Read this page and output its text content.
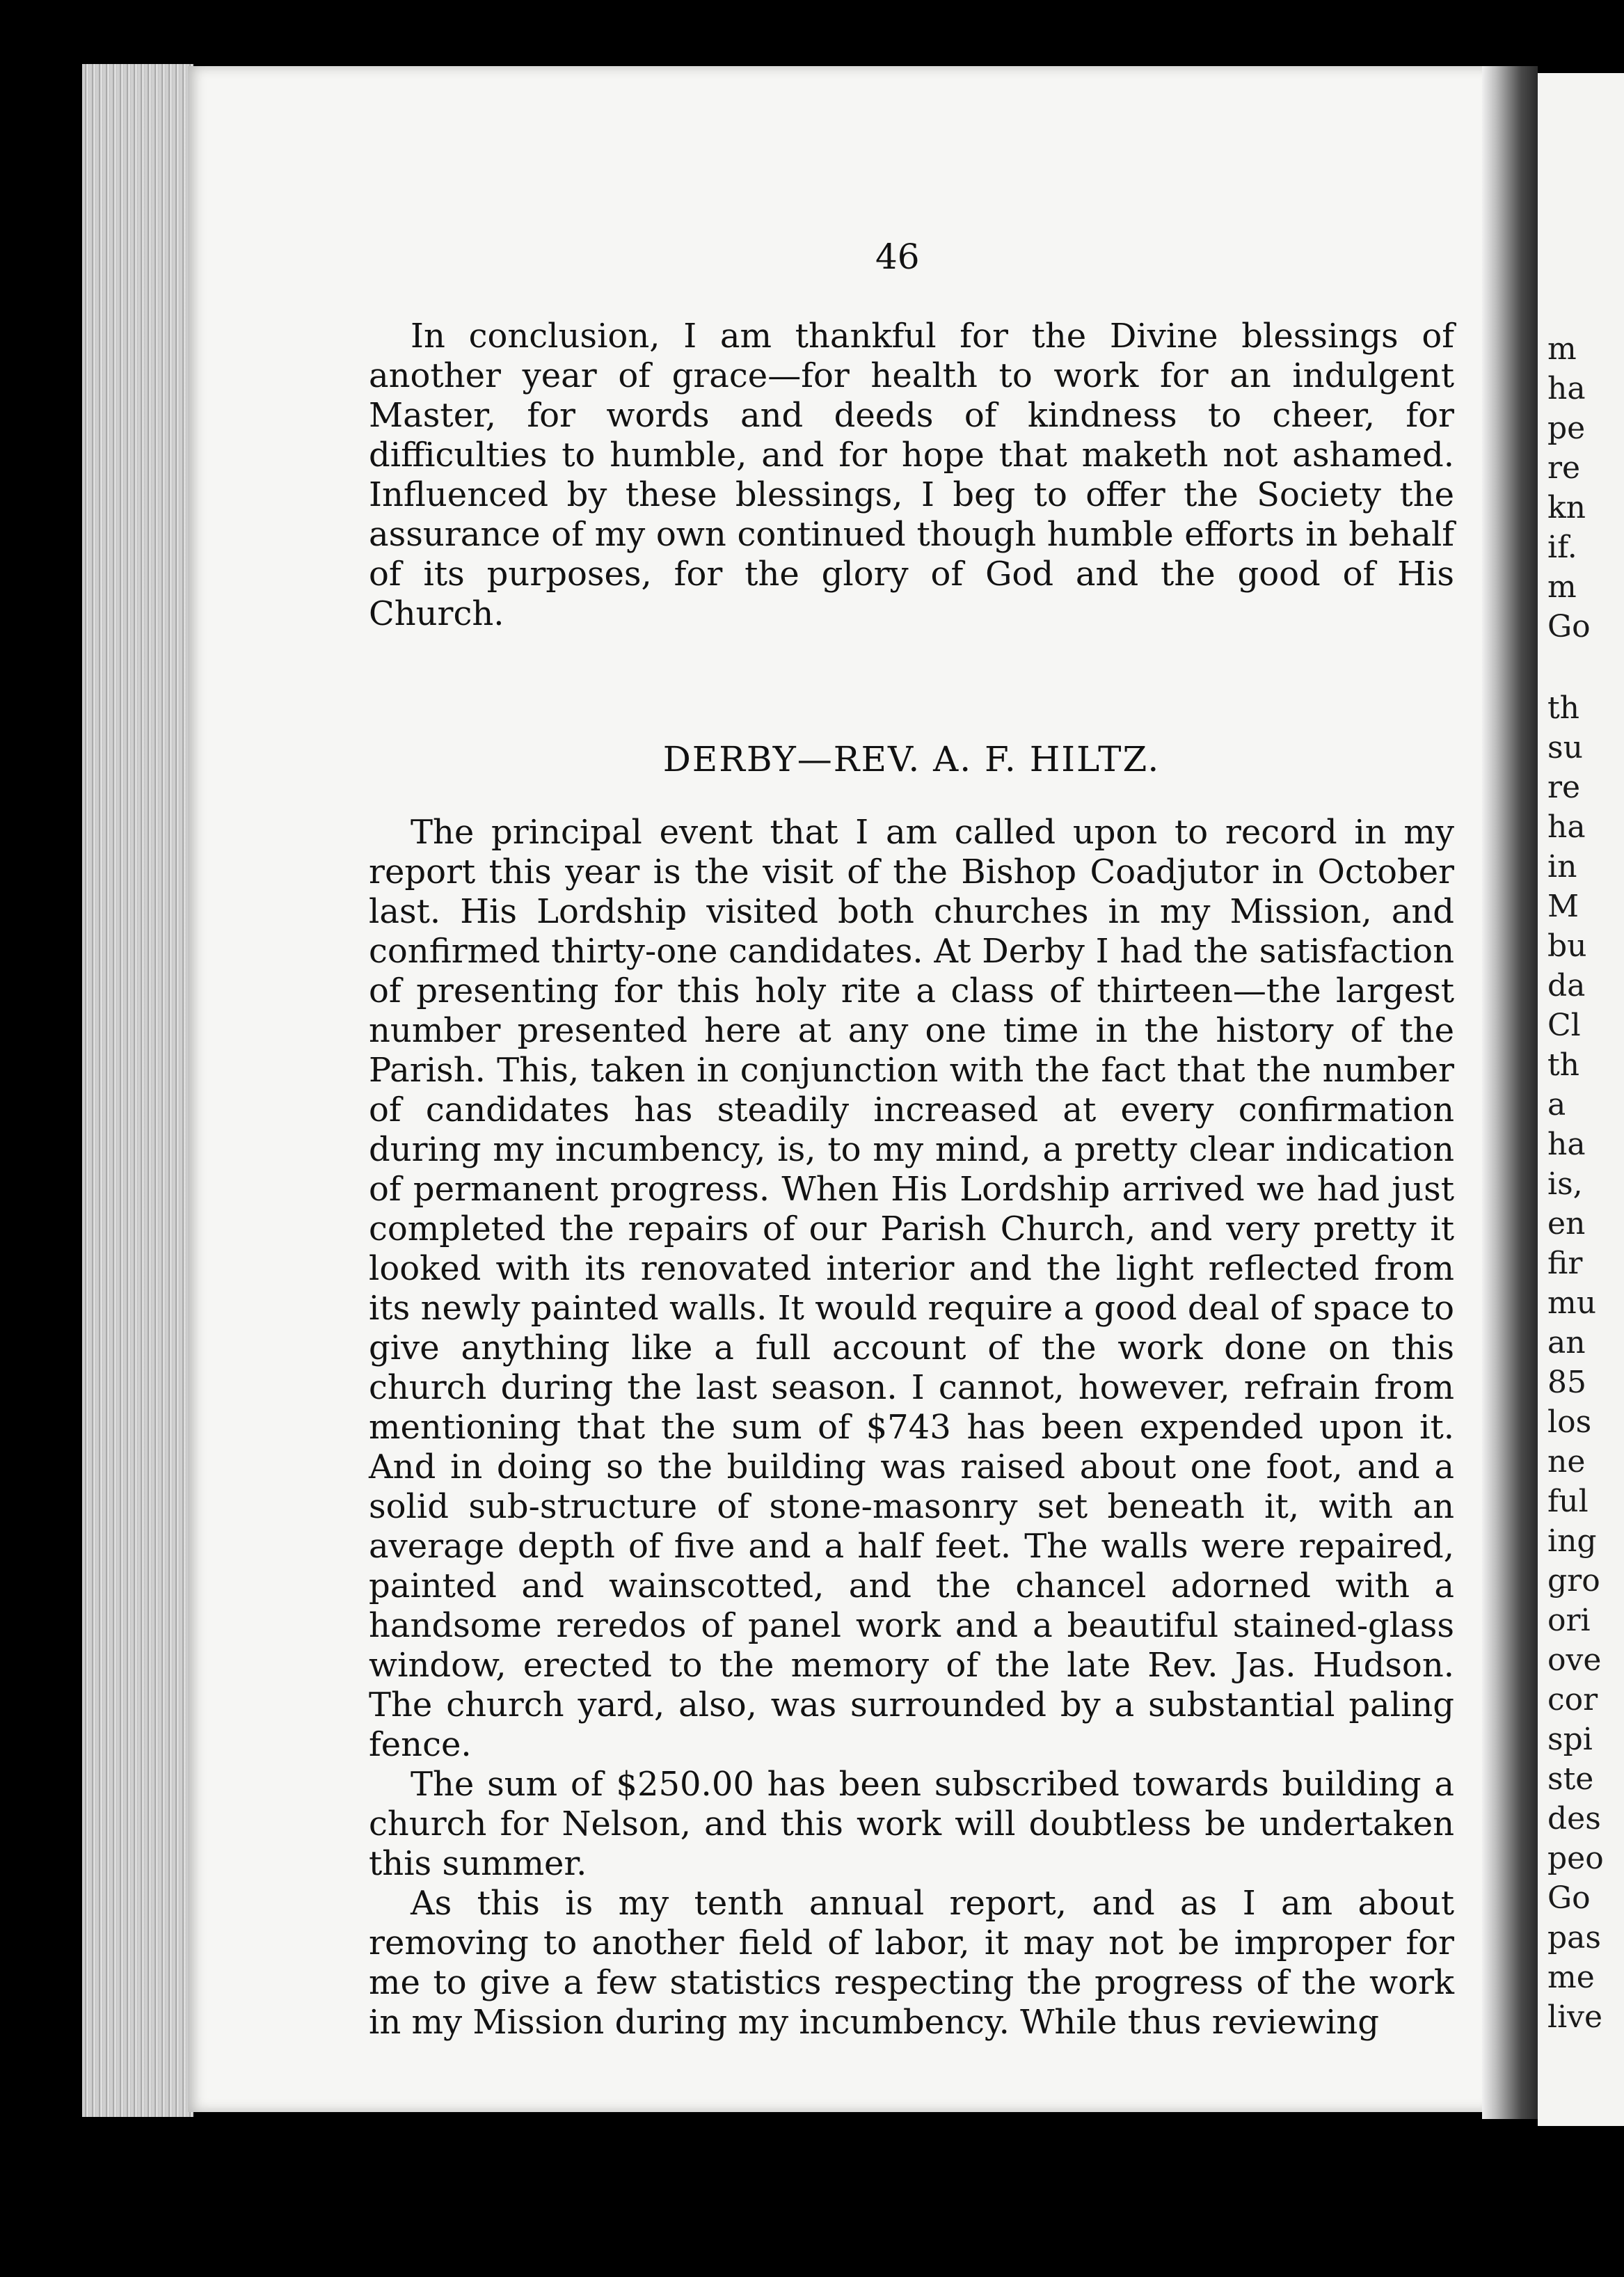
m
ha
pe
re
kn
if.
m
Go
th
su
re
ha
in
M
bu
da
Cl
th
a
ha
is,
en
fir
mu
an
85
los
ne
ful
ing
gro
ori
ove
cor
spi
ste
des
peo
Go
pas
me
live
46

In conclusion, I am thankful for the Divine blessings of another year of grace—for health to work for an indulgent Master, for words and deeds of kindness to cheer, for difficulties to humble, and for hope that maketh not ashamed. Influenced by these blessings, I beg to offer the Society the assurance of my own continued though humble efforts in behalf of its purposes, for the glory of God and the good of His Church.

DERBY—REV. A. F. HILTZ.

The principal event that I am called upon to record in my report this year is the visit of the Bishop Coadjutor in October last. His Lordship visited both churches in my Mission, and confirmed thirty-one candidates. At Derby I had the satisfaction of presenting for this holy rite a class of thirteen—the largest number presented here at any one time in the history of the Parish. This, taken in conjunction with the fact that the number of candidates has steadily increased at every confirmation during my incumbency, is, to my mind, a pretty clear indication of permanent progress. When His Lordship arrived we had just completed the repairs of our Parish Church, and very pretty it looked with its renovated interior and the light reflected from its newly painted walls. It would require a good deal of space to give anything like a full account of the work done on this church during the last season. I cannot, however, refrain from mentioning that the sum of $743 has been expended upon it. And in doing so the building was raised about one foot, and a solid sub-structure of stone-masonry set beneath it, with an average depth of five and a half feet. The walls were repaired, painted and wainscotted, and the chancel adorned with a handsome reredos of panel work and a beautiful stained-glass window, erected to the memory of the late Rev. Jas. Hudson. The church yard, also, was surrounded by a substantial paling fence.

The sum of $250.00 has been subscribed towards building a church for Nelson, and this work will doubtless be undertaken this summer.

As this is my tenth annual report, and as I am about removing to another field of labor, it may not be improper for me to give a few statistics respecting the progress of the work in my Mission during my incumbency. While thus reviewing
